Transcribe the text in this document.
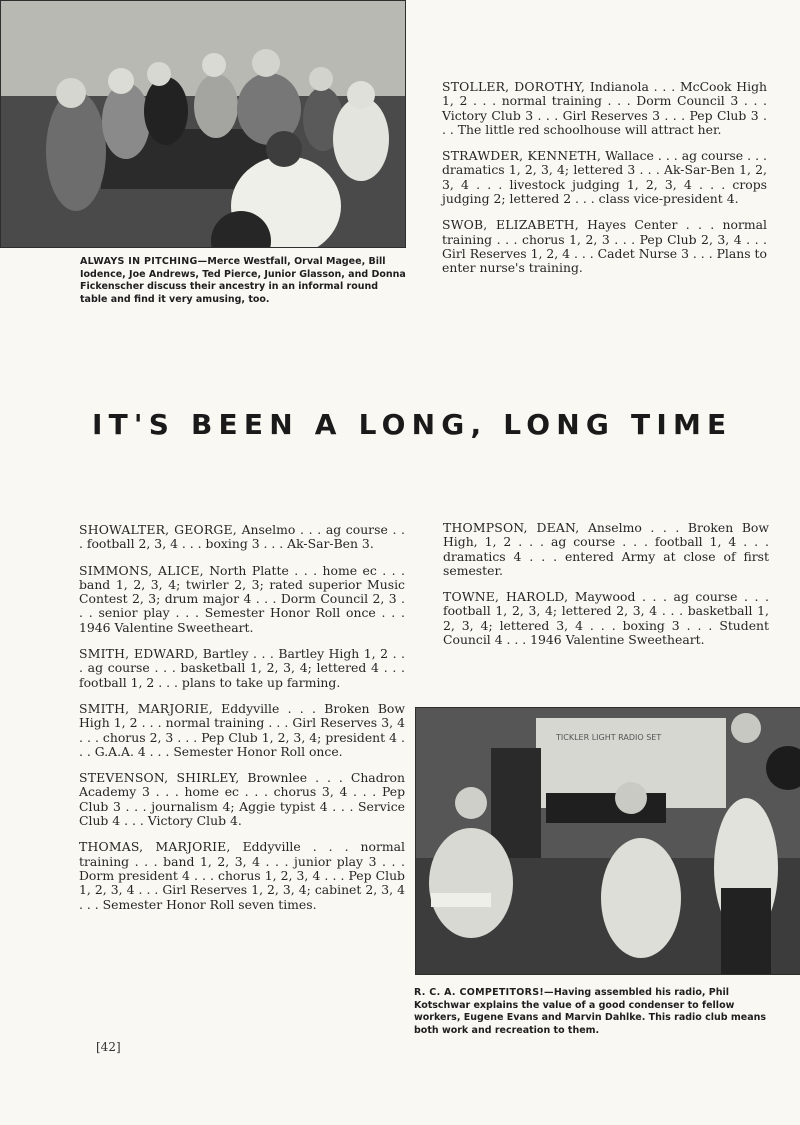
ALWAYS IN PITCHING—Merce Westfall, Orval Magee, Bill Iodence, Joe Andrews, Ted Pierce, Junior Glasson, and Donna Fickenscher discuss their ancestry in an informal round table and find it very amusing, too.

STOLLER, DOROTHY, Indianola . . . McCook High 1, 2 . . . normal training . . . Dorm Council 3 . . . Victory Club 3 . . . Girl Reserves 3 . . . Pep Club 3 . . . The little red schoolhouse will attract her.

STRAWDER, KENNETH, Wallace . . . ag course . . . dramatics 1, 2, 3, 4; lettered 3 . . . Ak-Sar-Ben 1, 2, 3, 4 . . . livestock judging 1, 2, 3, 4 . . . crops judging 2; lettered 2 . . . class vice-president 4.

SWOB, ELIZABETH, Hayes Center . . . normal training . . . chorus 1, 2, 3 . . . Pep Club 2, 3, 4 . . . Girl Reserves 1, 2, 4 . . . Cadet Nurse 3 . . . Plans to enter nurse's training.

IT'S BEEN A LONG, LONG TIME

SHOWALTER, GEORGE, Anselmo . . . ag course . . . football 2, 3, 4 . . . boxing 3 . . . Ak-Sar-Ben 3.

SIMMONS, ALICE, North Platte . . . home ec . . . band 1, 2, 3, 4; twirler 2, 3; rated superior Music Contest 2, 3; drum major 4 . . . Dorm Council 2, 3 . . . senior play . . . Semester Honor Roll once . . . 1946 Valentine Sweetheart.

SMITH, EDWARD, Bartley . . . Bartley High 1, 2 . . . ag course . . . basketball 1, 2, 3, 4; lettered 4 . . . football 1, 2 . . . plans to take up farming.

SMITH, MARJORIE, Eddyville . . . Broken Bow High 1, 2 . . . normal training . . . Girl Reserves 3, 4 . . . chorus 2, 3 . . . Pep Club 1, 2, 3, 4; president 4 . . . G.A.A. 4 . . . Semester Honor Roll once.

STEVENSON, SHIRLEY, Brownlee . . . Chadron Academy 3 . . . home ec . . . chorus 3, 4 . . . Pep Club 3 . . . journalism 4; Aggie typist 4 . . . Service Club 4 . . . Victory Club 4.

THOMAS, MARJORIE, Eddyville . . . normal training . . . band 1, 2, 3, 4 . . . junior play 3 . . . Dorm president 4 . . . chorus 1, 2, 3, 4 . . . Pep Club 1, 2, 3, 4 . . . Girl Reserves 1, 2, 3, 4; cabinet 2, 3, 4 . . . Semester Honor Roll seven times.

THOMPSON, DEAN, Anselmo . . . Broken Bow High, 1, 2 . . . ag course . . . football 1, 4 . . . dramatics 4 . . . entered Army at close of first semester.

TOWNE, HAROLD, Maywood . . . ag course . . . football 1, 2, 3, 4; lettered 2, 3, 4 . . . basketball 1, 2, 3, 4; lettered 3, 4 . . . boxing 3 . . . Student Council 4 . . . 1946 Valentine Sweetheart.

TICKLER LIGHT RADIO SET
R. C. A. COMPETITORS!—Having assembled his radio, Phil Kotschwar explains the value of a good condenser to fellow workers, Eugene Evans and Marvin Dahlke. This radio club means both work and recreation to them.
[42]
